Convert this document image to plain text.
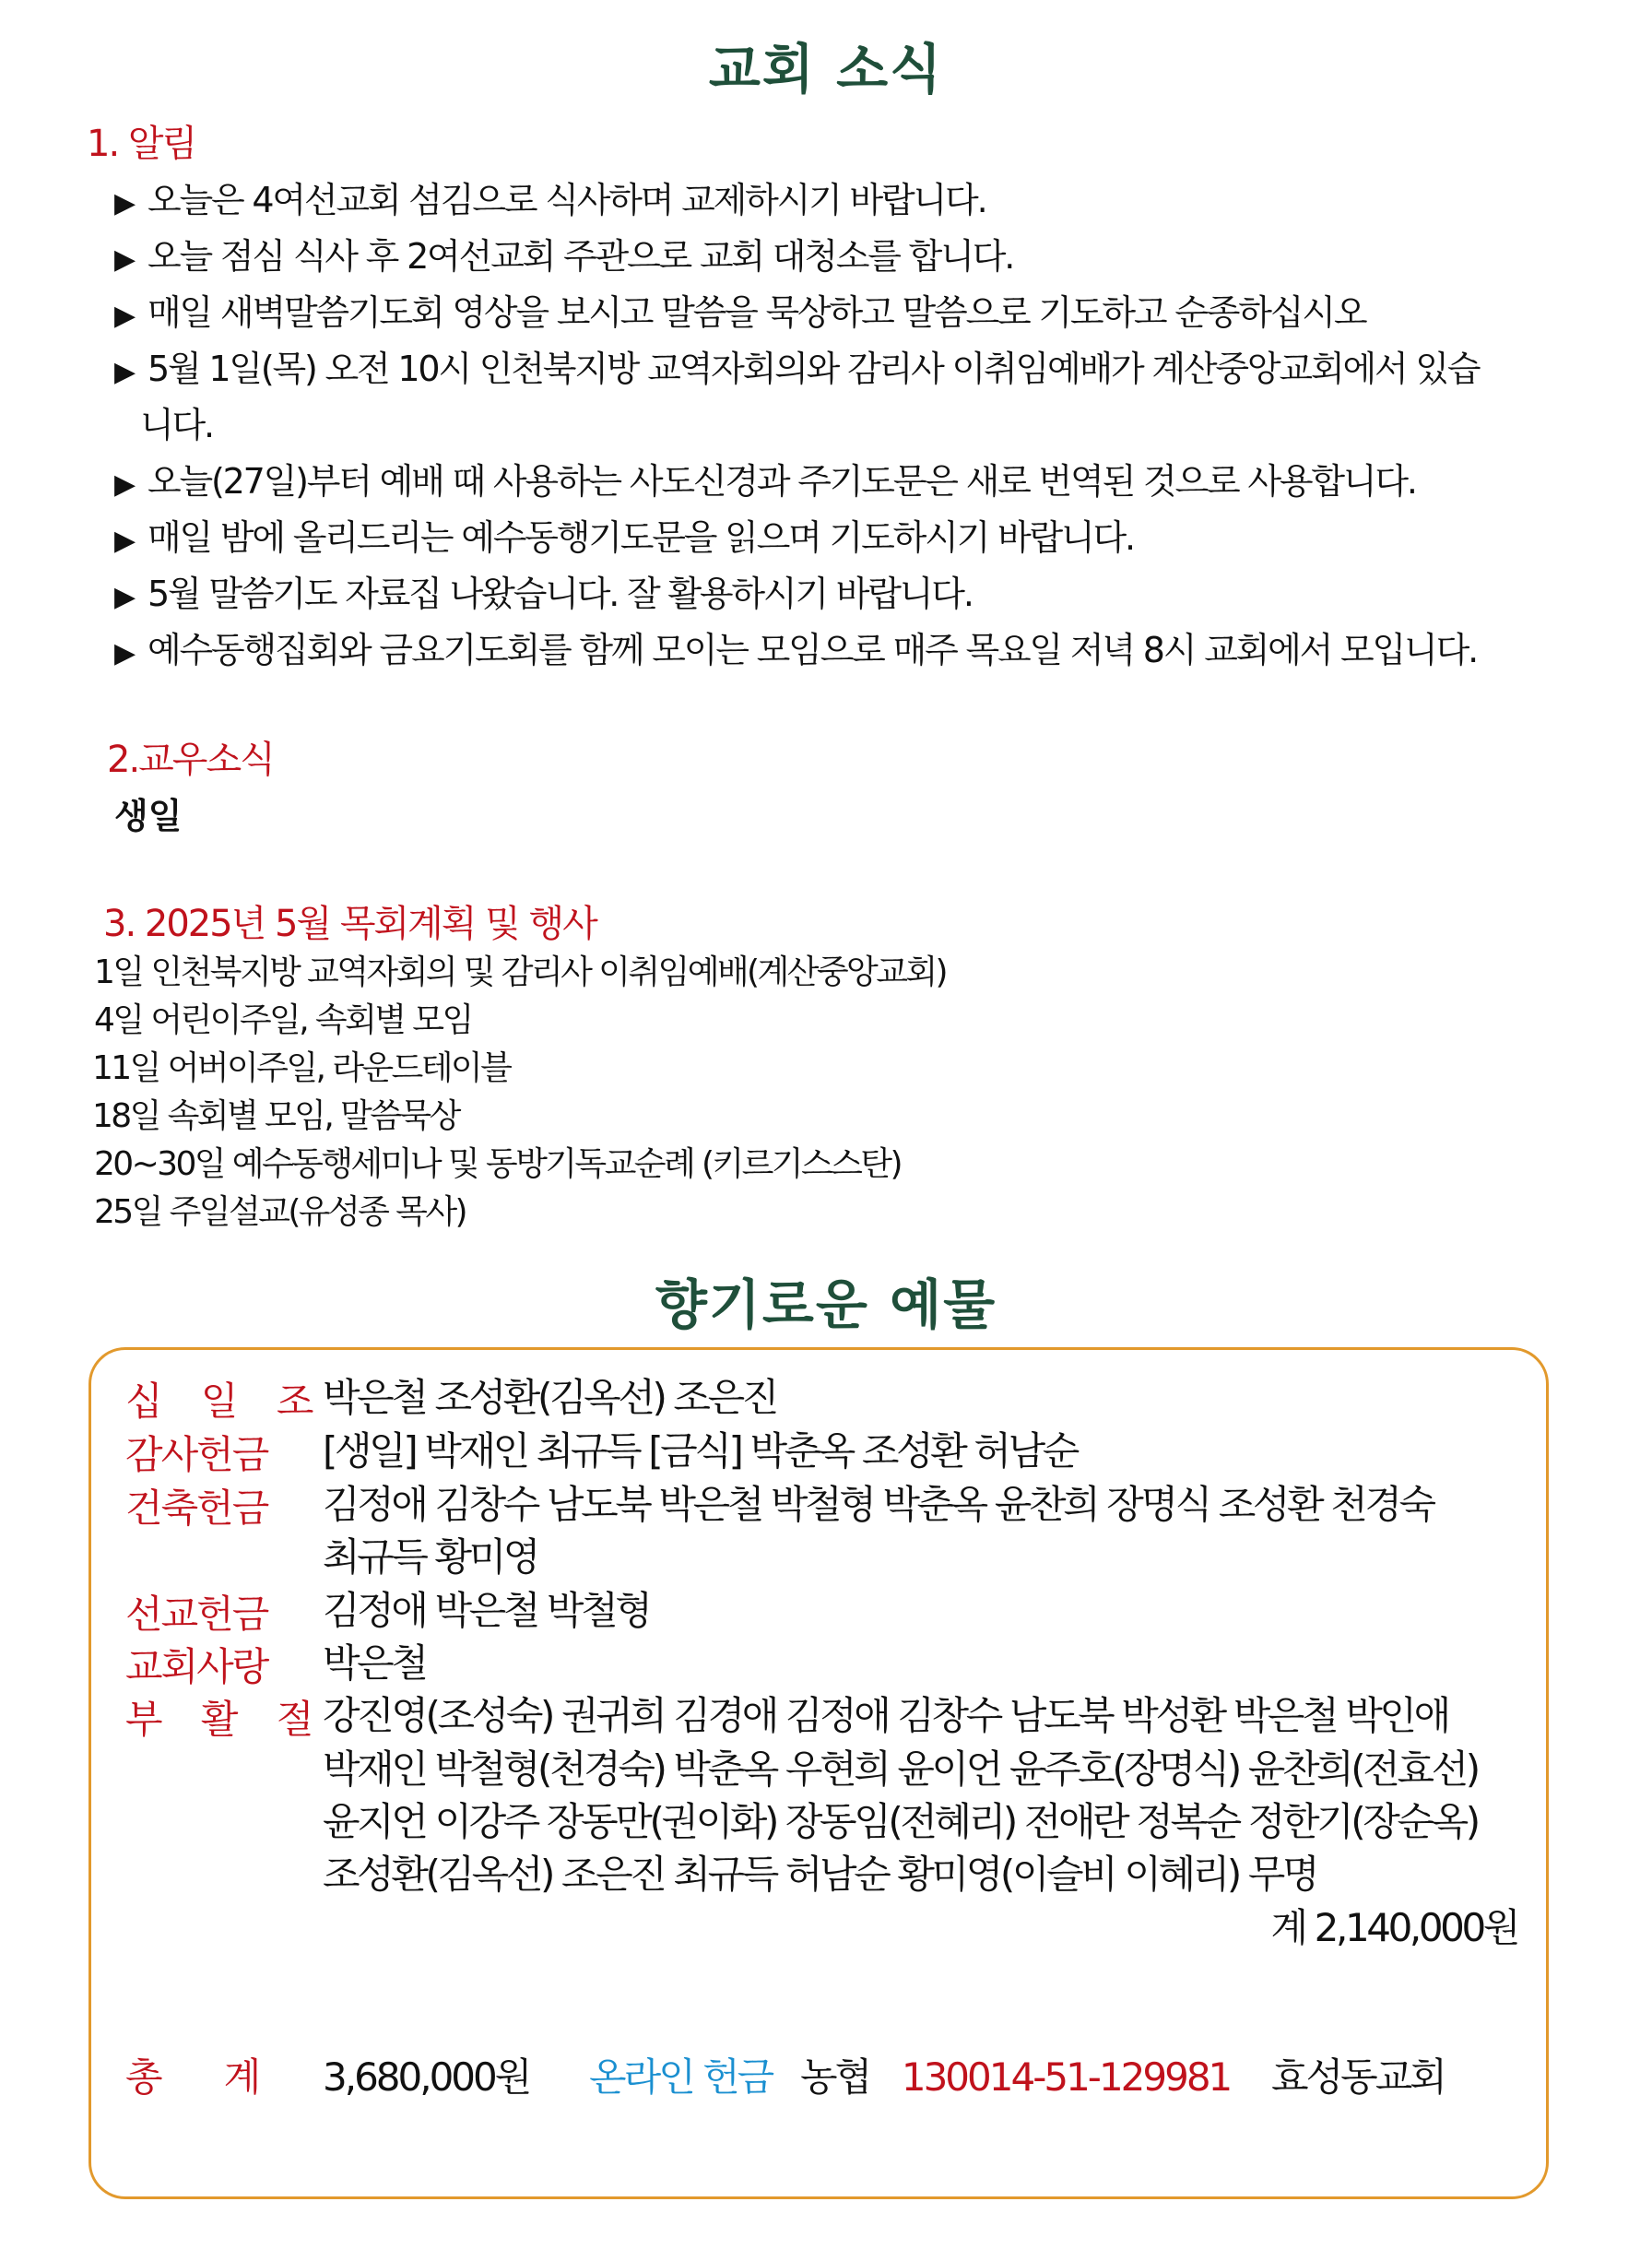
교회 소식
1. 알림
▶ 오늘은 4여선교회 섬김으로 식사하며 교제하시기 바랍니다.
▶ 오늘 점심 식사 후 2여선교회 주관으로 교회 대청소를 합니다.
▶ 매일 새벽말씀기도회 영상을 보시고 말씀을 묵상하고 말씀으로 기도하고 순종하십시오
▶ 5월 1일(목) 오전 10시 인천북지방 교역자회의와 감리사 이취임예배가 계산중앙교회에서 있습
니다.
▶ 오늘(27일)부터 예배 때 사용하는 사도신경과 주기도문은 새로 번역된 것으로 사용합니다.
▶ 매일 밤에 올리드리는 예수동행기도문을 읽으며 기도하시기 바랍니다.
▶ 5월 말씀기도 자료집 나왔습니다. 잘 활용하시기 바랍니다.
▶ 예수동행집회와 금요기도회를 함께 모이는 모임으로 매주 목요일 저녁 8시 교회에서 모입니다.
2.교우소식
생일
3. 2025년 5월 목회계획 및 행사
1일 인천북지방 교역자회의 및 감리사 이취임예배(계산중앙교회)
4일 어린이주일, 속회별 모임
11일 어버이주일, 라운드테이블
18일 속회별 모임, 말씀묵상
20~30일 예수동행세미나 및 동방기독교순례 (키르기스스탄)
25일 주일설교(유성종 목사)
향기로운 예물
십 일 조
박은철 조성환(김옥선) 조은진
감사헌금 [생일] 박재인 최규득 [금식] 박춘옥 조성환 허남순
건축헌금 김정애 김창수 남도북 박은철 박철형 박춘옥 윤찬희 장명식 조성환 천경숙
최규득 황미영
선교헌금 김정애 박은철 박철형
교회사랑 박은철
부 활 절
강진영(조성숙) 권귀희 김경애 김정애 김창수 남도북 박성환 박은철 박인애
박재인 박철형(천경숙) 박춘옥 우현희 윤이언 윤주호(장명식) 윤찬희(전효선)
윤지언 이강주 장동만(권이화) 장동임(전혜리) 전애란 정복순 정한기(장순옥)
조성환(김옥선) 조은진 최규득 허남순 황미영(이슬비 이혜리) 무명
계 2,140,000원
총      계 3,680,000원 온라인 헌금 농협 130014-51-129981 효성동교회
